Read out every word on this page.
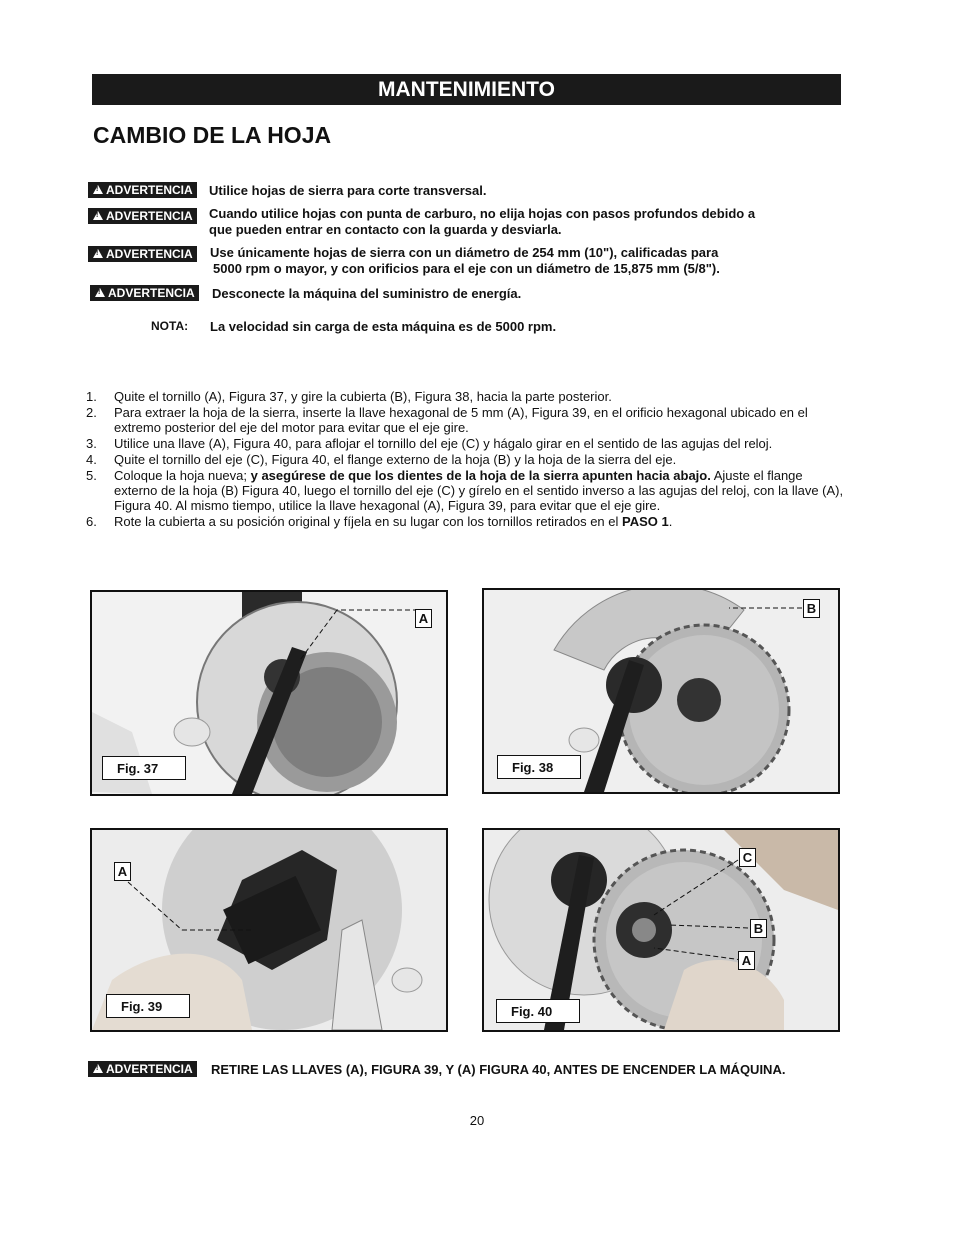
MANTENIMIENTO
CAMBIO DE LA HOJA
!ADVERTENCIA	Utilice hojas de sierra para corte transversal.
!ADVERTENCIA	Cuando utilice hojas con punta de carburo, no elija hojas con pasos profundos debido a
que pueden entrar en contacto con la guarda y desviarla.
!ADVERTENCIA	Use únicamente hojas de sierra con un diámetro de 254 mm (10"), calificadas para
5000 rpm o mayor, y con orificios para el eje con un diámetro de 15,875 mm (5/8").
!ADVERTENCIA	Desconecte la máquina del suministro de energía.
NOTA: La velocidad sin carga de esta máquina es de 5000 rpm.
1. Quite el tornillo (A), Figura 37, y gire la cubierta (B), Figura 38, hacia la parte posterior.
2. Para extraer la hoja de la sierra, inserte la llave hexagonal de 5 mm (A), Figura 39, en el orificio hexagonal ubicado en el extremo posterior del eje del motor para evitar que el eje gire.
3. Utilice una llave (A), Figura 40, para aflojar el tornillo del eje (C) y hágalo girar en el sentido de las agujas del reloj.
4. Quite el tornillo del eje (C), Figura 40, el flange externo de la hoja (B) y la hoja de la sierra del eje.
5. Coloque la hoja nueva; y asegúrese de que los dientes de la hoja de la sierra apunten hacia abajo. Ajuste el flange externo de la hoja (B) Figura 40, luego el tornillo del eje (C) y gírelo en el sentido inverso a las agujas del reloj, con la llave (A), Figura 40. Al mismo tiempo, utilice la llave hexagonal (A), Figura 39, para evitar que el eje gire.
6. Rote la cubierta a su posición original y fíjela en su lugar con los tornillos retirados en el PASO 1.
A
Fig. 37
B
Fig. 38
A
Fig. 39
C
B
A
Fig. 40
!ADVERTENCIA	RETIRE LAS LLAVES (A), FIGURA 39, Y (A) FIGURA 40, ANTES DE ENCENDER LA MÁQUINA.
20
